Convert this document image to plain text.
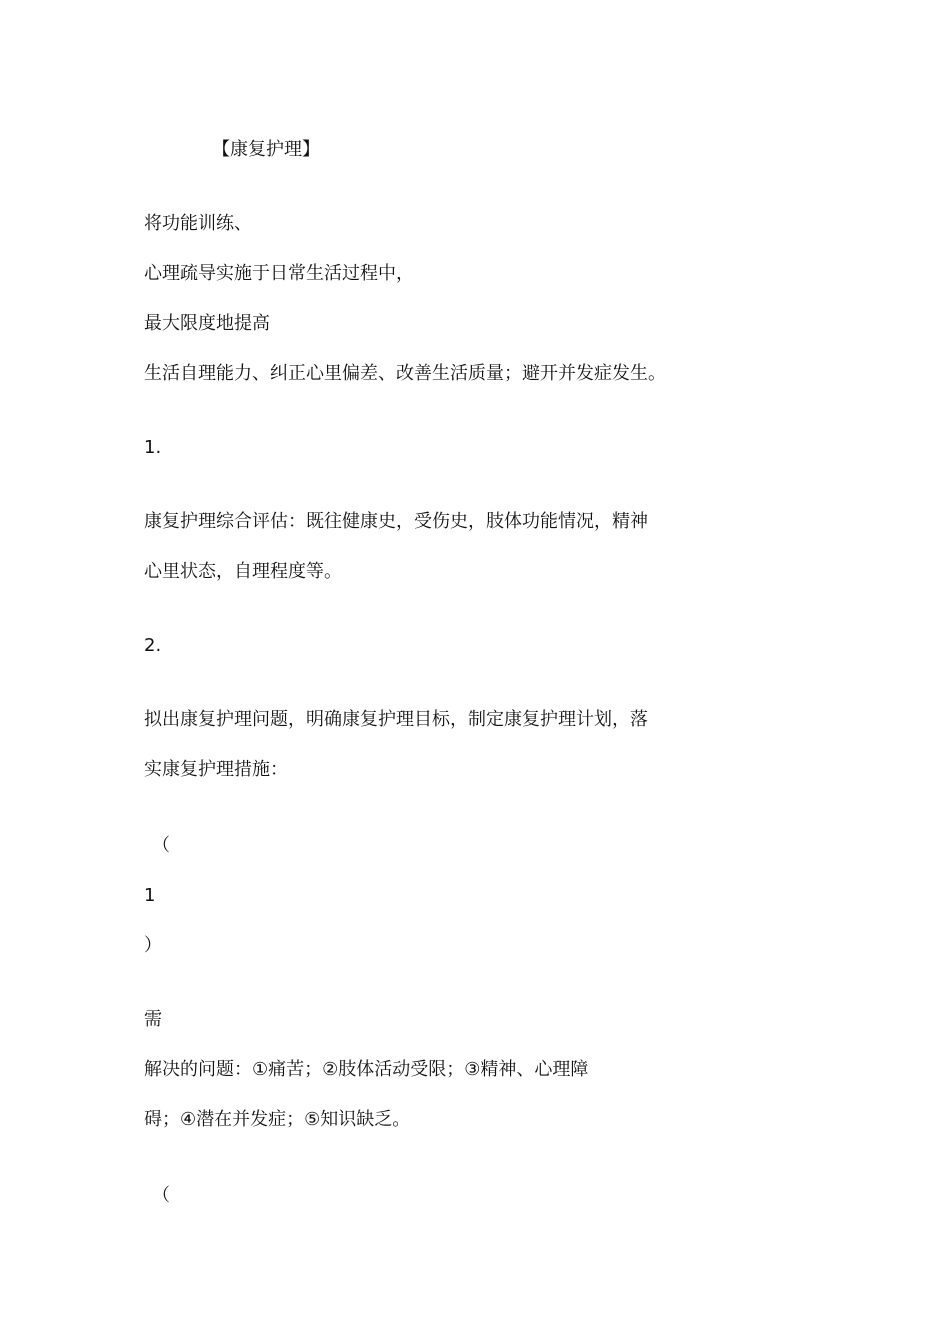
【康复护理】
将功能训练、
心理疏导实施于日常生活过程中，
最大限度地提高
生活自理能力、纠正心里偏差、改善生活质量；避开并发症发生。
1.
康复护理综合评估：既往健康史，受伤史，肢体功能情况，精神
心里状态，自理程度等。
2.
拟出康复护理问题，明确康复护理目标，制定康复护理计划，落
实康复护理措施：
（
1
）
需
解决的问题：①痛苦；②肢体活动受限；③精神、心理障
碍；④潜在并发症；⑤知识缺乏。
（
